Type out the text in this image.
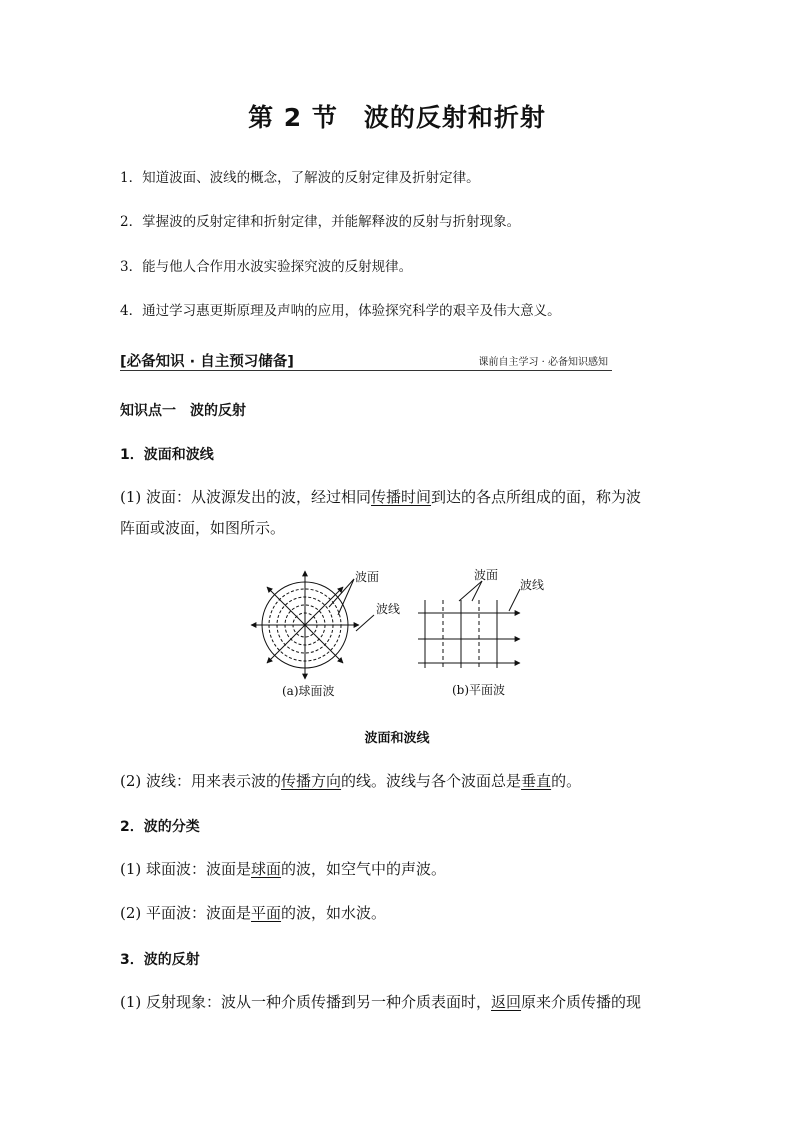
第 2 节　波的反射和折射
1．知道波面、波线的概念，了解波的反射定律及折射定律。
2．掌握波的反射定律和折射定律，并能解释波的反射与折射现象。
3．能与他人合作用水波实验探究波的反射规律。
4．通过学习惠更斯原理及声呐的应用，体验探究科学的艰辛及伟大意义。
[必备知识 · 自主预习储备]	课前自主学习 · 必备知识感知
知识点一　波的反射
1．波面和波线
(1) 波面：从波源发出的波，经过相同传播时间到达的各点所组成的面，称为波
阵面或波面，如图所示。
波面
波线
(a)球面波
波面
波线
(b)平面波
波面和波线
(2) 波线：用来表示波的传播方向的线。波线与各个波面总是垂直的。
2．波的分类
(1) 球面波：波面是球面的波，如空气中的声波。
(2) 平面波：波面是平面的波，如水波。
3．波的反射
(1) 反射现象：波从一种介质传播到另一种介质表面时，返回原来介质传播的现
